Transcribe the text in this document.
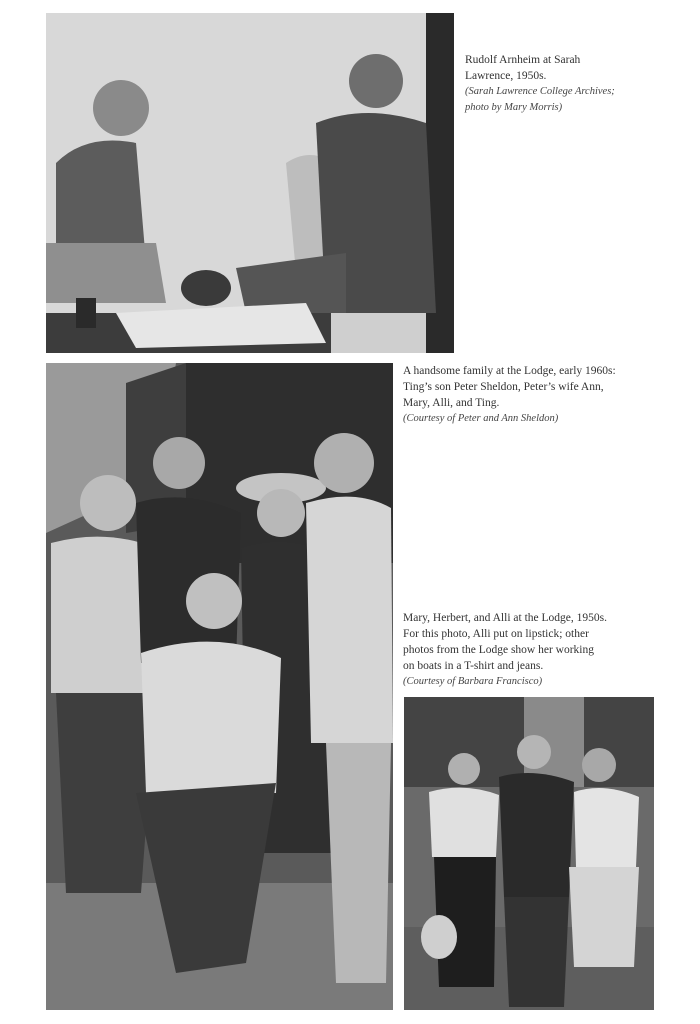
Rudolf Arnheim at Sarah
Lawrence, 1950s.
(Sarah Lawrence College Archives;
photo by Mary Morris)
A handsome family at the Lodge, early 1960s:
Ting’s son Peter Sheldon, Peter’s wife Ann,
Mary, Alli, and Ting.
(Courtesy of Peter and Ann Sheldon)
Mary, Herbert, and Alli at the Lodge, 1950s.
For this photo, Alli put on lipstick; other
photos from the Lodge show her working
on boats in a T-shirt and jeans.
(Courtesy of Barbara Francisco)
